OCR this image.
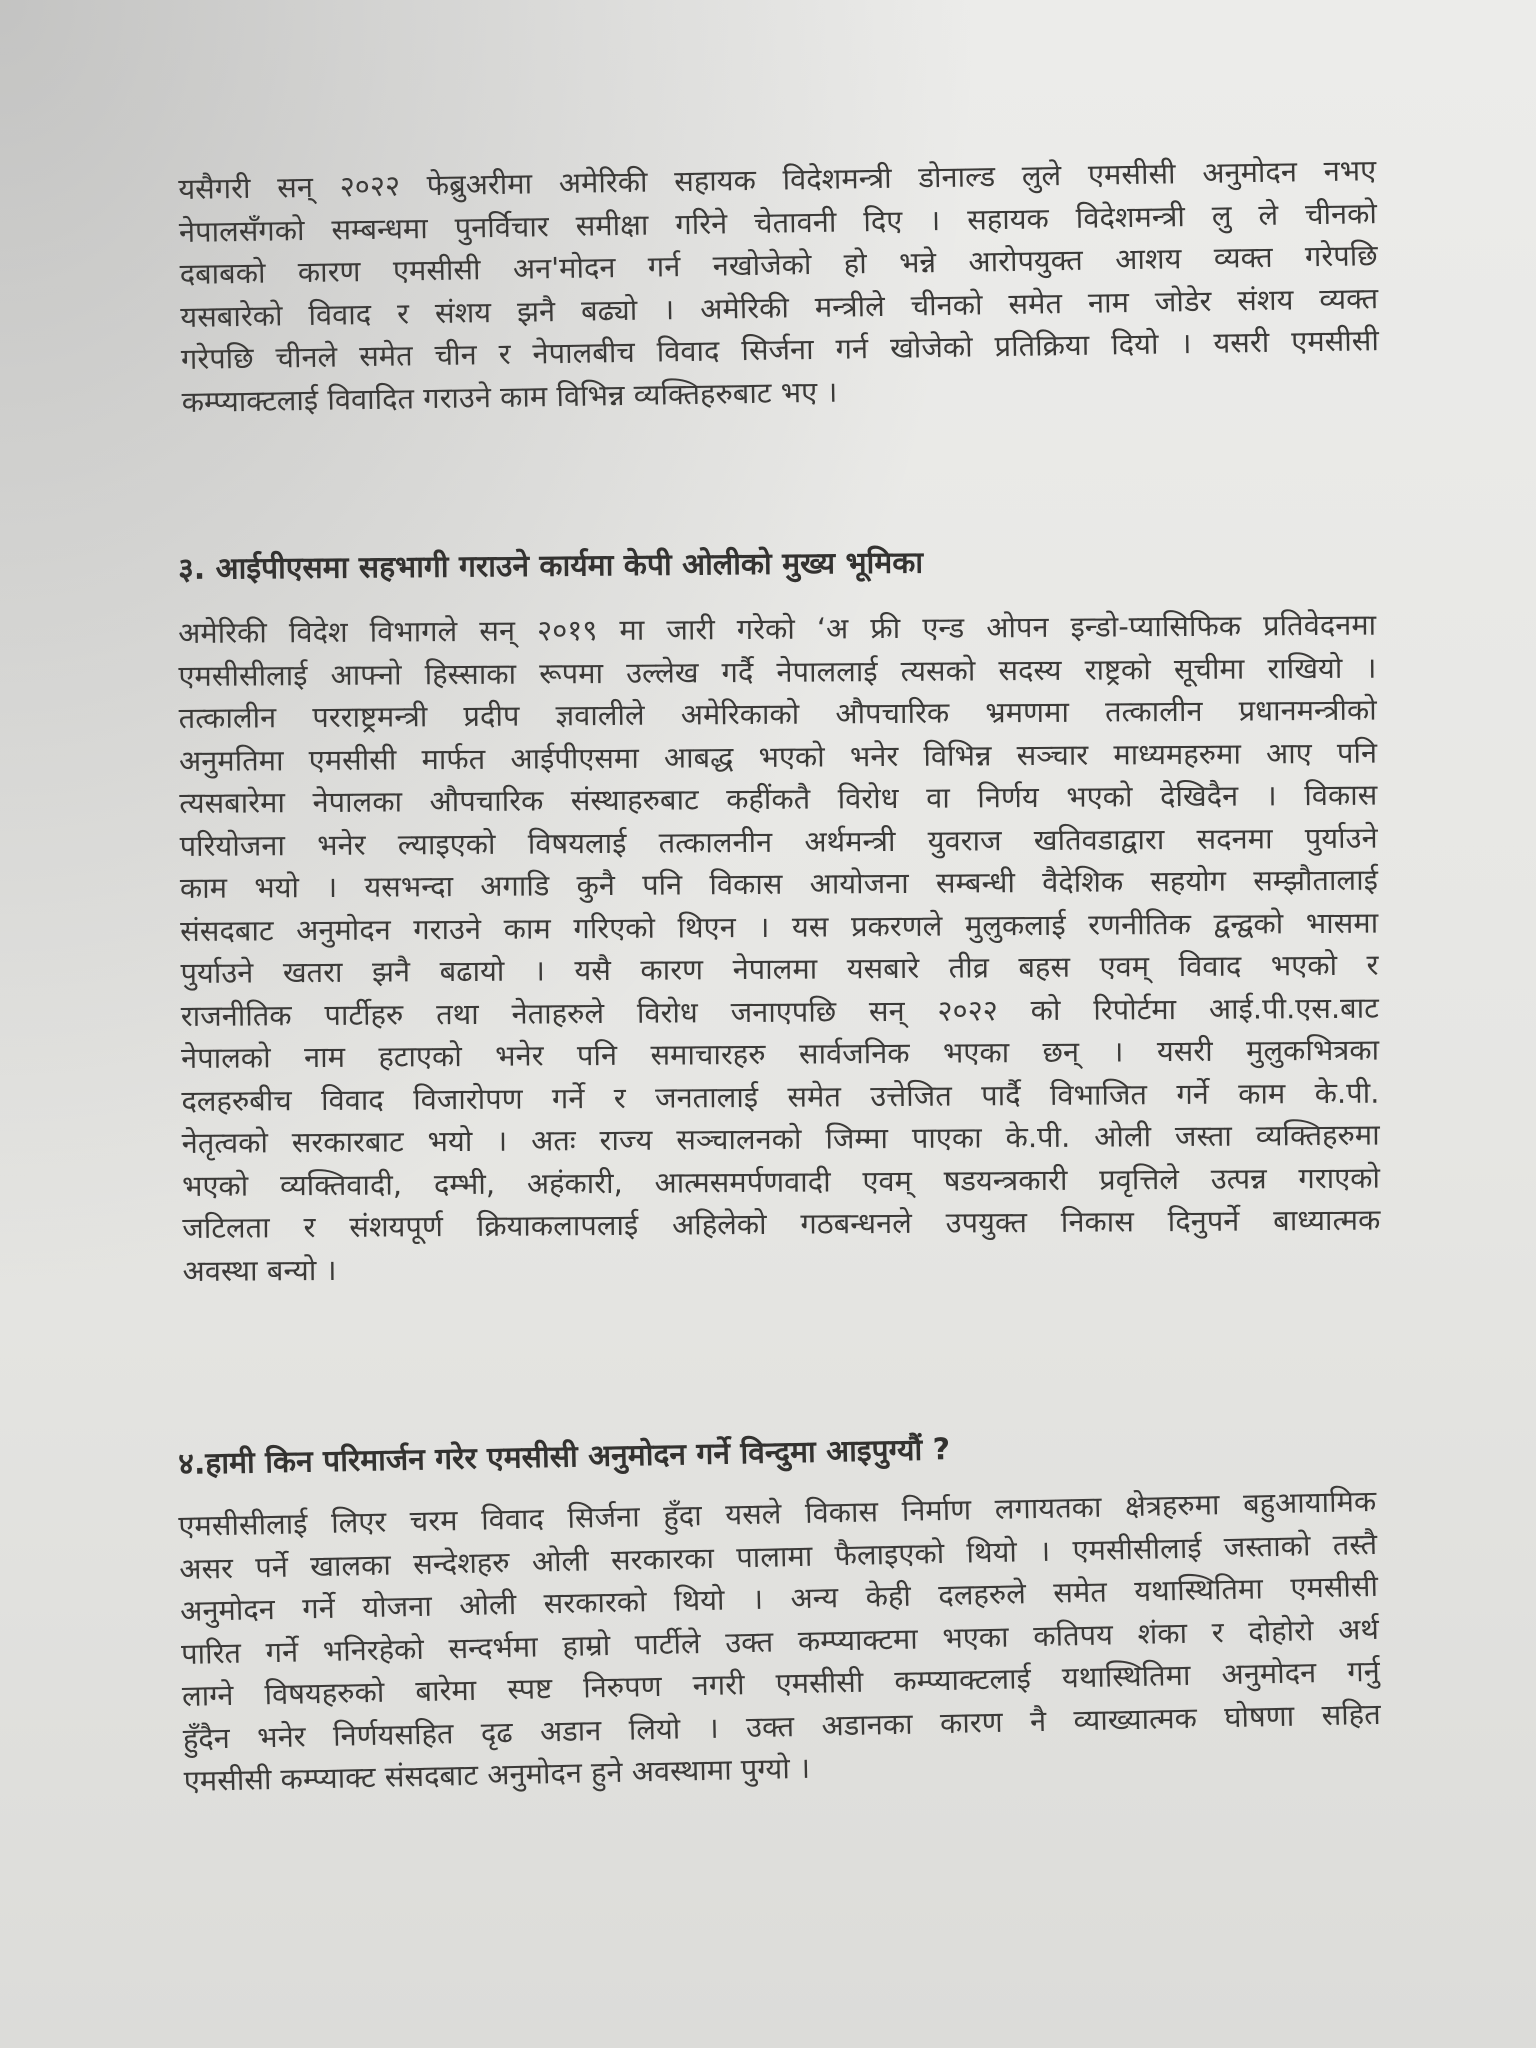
यसैगरी सन् २०२२ फेब्रुअरीमा अमेरिकी सहायक विदेशमन्त्री डोनाल्ड लुले एमसीसी अनुमोदन नभए
नेपालसँगको सम्बन्धमा पुनर्विचार समीक्षा गरिने चेतावनी दिए । सहायक विदेशमन्त्री लु ले चीनको
दबाबको कारण एमसीसी अन'मोदन गर्न नखोजेको हो भन्ने आरोपयुक्त आशय व्यक्त गरेपछि
यसबारेको विवाद र संशय झनै बढ्यो । अमेरिकी मन्त्रीले चीनको समेत नाम जोडेर संशय व्यक्त
गरेपछि चीनले समेत चीन र नेपालबीच विवाद सिर्जना गर्न खोजेको प्रतिक्रिया दियो । यसरी एमसीसी
कम्प्याक्टलाई विवादित गराउने काम विभिन्न व्यक्तिहरुबाट भए ।
३. आईपीएसमा सहभागी गराउने कार्यमा केपी ओलीको मुख्य भूमिका
अमेरिकी विदेश विभागले सन् २०१९ मा जारी गरेको ‘अ फ्री एन्ड ओपन इन्डो-प्यासिफिक प्रतिवेदनमा
एमसीसीलाई आफ्नो हिस्साका रूपमा उल्लेख गर्दै नेपाललाई त्यसको सदस्य राष्ट्रको सूचीमा राखियो ।
तत्कालीन परराष्ट्रमन्त्री प्रदीप ज्ञवालीले अमेरिकाको औपचारिक भ्रमणमा तत्कालीन प्रधानमन्त्रीको
अनुमतिमा एमसीसी मार्फत आईपीएसमा आबद्ध भएको भनेर विभिन्न सञ्चार माध्यमहरुमा आए पनि
त्यसबारेमा नेपालका औपचारिक संस्थाहरुबाट कहींकतै विरोध वा निर्णय भएको देखिदैन । विकास
परियोजना भनेर ल्याइएको विषयलाई तत्कालनीन अर्थमन्त्री युवराज खतिवडाद्वारा सदनमा पुर्याउने
काम भयो । यसभन्दा अगाडि कुनै पनि विकास आयोजना सम्बन्धी वैदेशिक सहयोग सम्झौतालाई
संसदबाट अनुमोदन गराउने काम गरिएको थिएन । यस प्रकरणले मुलुकलाई रणनीतिक द्वन्द्वको भासमा
पुर्याउने खतरा झनै बढायो । यसै कारण नेपालमा यसबारे तीव्र बहस एवम् विवाद भएको र
राजनीतिक पार्टीहरु तथा नेताहरुले विरोध जनाएपछि सन् २०२२ को रिपोर्टमा आई.पी.एस.बाट
नेपालको नाम हटाएको भनेर पनि समाचारहरु सार्वजनिक भएका छन् । यसरी मुलुकभित्रका
दलहरुबीच विवाद विजारोपण गर्ने र जनतालाई समेत उत्तेजित पार्दै विभाजित गर्ने काम के.पी.
नेतृत्वको सरकारबाट भयो । अतः राज्य सञ्चालनको जिम्मा पाएका के.पी. ओली जस्ता व्यक्तिहरुमा
भएको व्यक्तिवादी, दम्भी, अहंकारी, आत्मसमर्पणवादी एवम् षडयन्त्रकारी प्रवृत्तिले उत्पन्न गराएको
जटिलता र संशयपूर्ण क्रियाकलापलाई अहिलेको गठबन्धनले उपयुक्त निकास दिनुपर्ने बाध्यात्मक
अवस्था बन्यो ।
४.हामी किन परिमार्जन गरेर एमसीसी अनुमोदन गर्ने विन्दुमा आइपुग्यौं ?
एमसीसीलाई लिएर चरम विवाद सिर्जना हुँदा यसले विकास निर्माण लगायतका क्षेत्रहरुमा बहुआयामिक
असर पर्ने खालका सन्देशहरु ओली सरकारका पालामा फैलाइएको थियो । एमसीसीलाई जस्ताको तस्तै
अनुमोदन गर्ने योजना ओली सरकारको थियो । अन्य केही दलहरुले समेत यथास्थितिमा एमसीसी
पारित गर्ने भनिरहेको सन्दर्भमा हाम्रो पार्टीले उक्त कम्प्याक्टमा भएका कतिपय शंका र दोहोरो अर्थ
लाग्ने विषयहरुको बारेमा स्पष्ट निरुपण नगरी एमसीसी कम्प्याक्टलाई यथास्थितिमा अनुमोदन गर्नु
हुँदैन भनेर निर्णयसहित दृढ अडान लियो । उक्त अडानका कारण नै व्याख्यात्मक घोषणा सहित
एमसीसी कम्प्याक्ट संसदबाट अनुमोदन हुने अवस्थामा पुग्यो ।
